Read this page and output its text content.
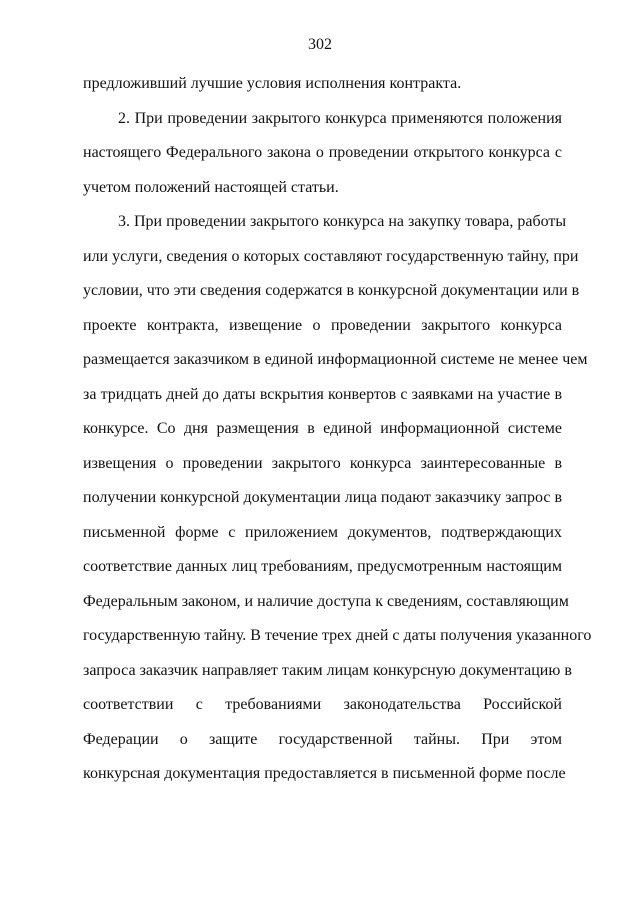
302
предложивший лучшие условия исполнения контракта.
2. При проведении закрытого конкурса применяются положения
настоящего Федерального закона о проведении открытого конкурса с
учетом положений настоящей статьи.
3. При проведении закрытого конкурса на закупку товара, работы
или услуги, сведения о которых составляют государственную тайну, при
условии, что эти сведения содержатся в конкурсной документации или в
проекте контракта, извещение о проведении закрытого конкурса
размещается заказчиком в единой информационной системе не менее чем
за тридцать дней до даты вскрытия конвертов с заявками на участие в
конкурсе. Со дня размещения в единой информационной системе
извещения о проведении закрытого конкурса заинтересованные в
получении конкурсной документации лица подают заказчику запрос в
письменной форме с приложением документов, подтверждающих
соответствие данных лиц требованиям, предусмотренным настоящим
Федеральным законом, и наличие доступа к сведениям, составляющим
государственную тайну. В течение трех дней с даты получения указанного
запроса заказчик направляет таким лицам конкурсную документацию в
соответствии с требованиями законодательства Российской
Федерации о защите государственной тайны. При этом
конкурсная документация предоставляется в письменной форме после
